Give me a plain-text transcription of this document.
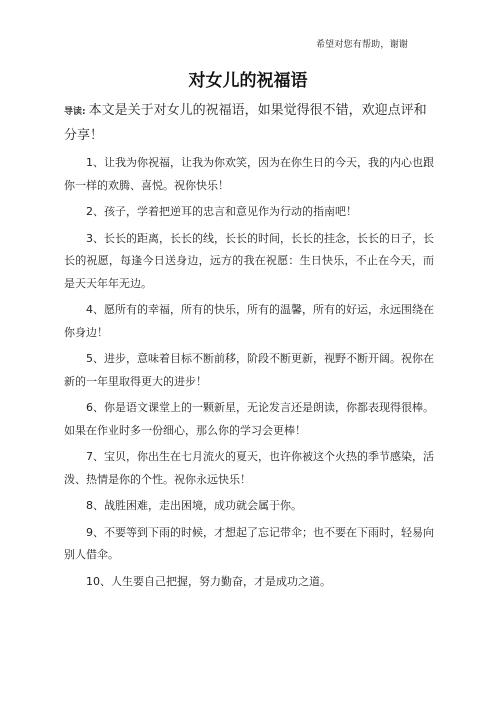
希望对您有帮助，谢谢
对女儿的祝福语
导读: 本文是关于对女儿的祝福语，如果觉得很不错，欢迎点评和分享！

1、让我为你祝福，让我为你欢笑，因为在你生日的今天，我的内心也跟你一样的欢腾、喜悦。祝你快乐！

2、孩子，学着把逆耳的忠言和意见作为行动的指南吧！

3、长长的距离，长长的线，长长的时间，长长的挂念，长长的日子，长长的祝愿，每逢今日送身边，远方的我在祝愿：生日快乐，不止在今天，而是天天年年无边。

4、愿所有的幸福，所有的快乐，所有的温馨，所有的好运，永远围绕在你身边！

5、进步，意味着目标不断前移，阶段不断更新，视野不断开阔。祝你在新的一年里取得更大的进步！

6、你是语文课堂上的一颗新星，无论发言还是朗读，你都表现得很棒。如果在作业时多一份细心，那么你的学习会更棒！

7、宝贝，你出生在七月流火的夏天，也许你被这个火热的季节感染，活泼、热情是你的个性。祝你永远快乐！

8、战胜困难，走出困境，成功就会属于你。

9、不要等到下雨的时候，才想起了忘记带伞；也不要在下雨时，轻易向别人借伞。

10、人生要自己把握，努力勤奋，才是成功之道。
